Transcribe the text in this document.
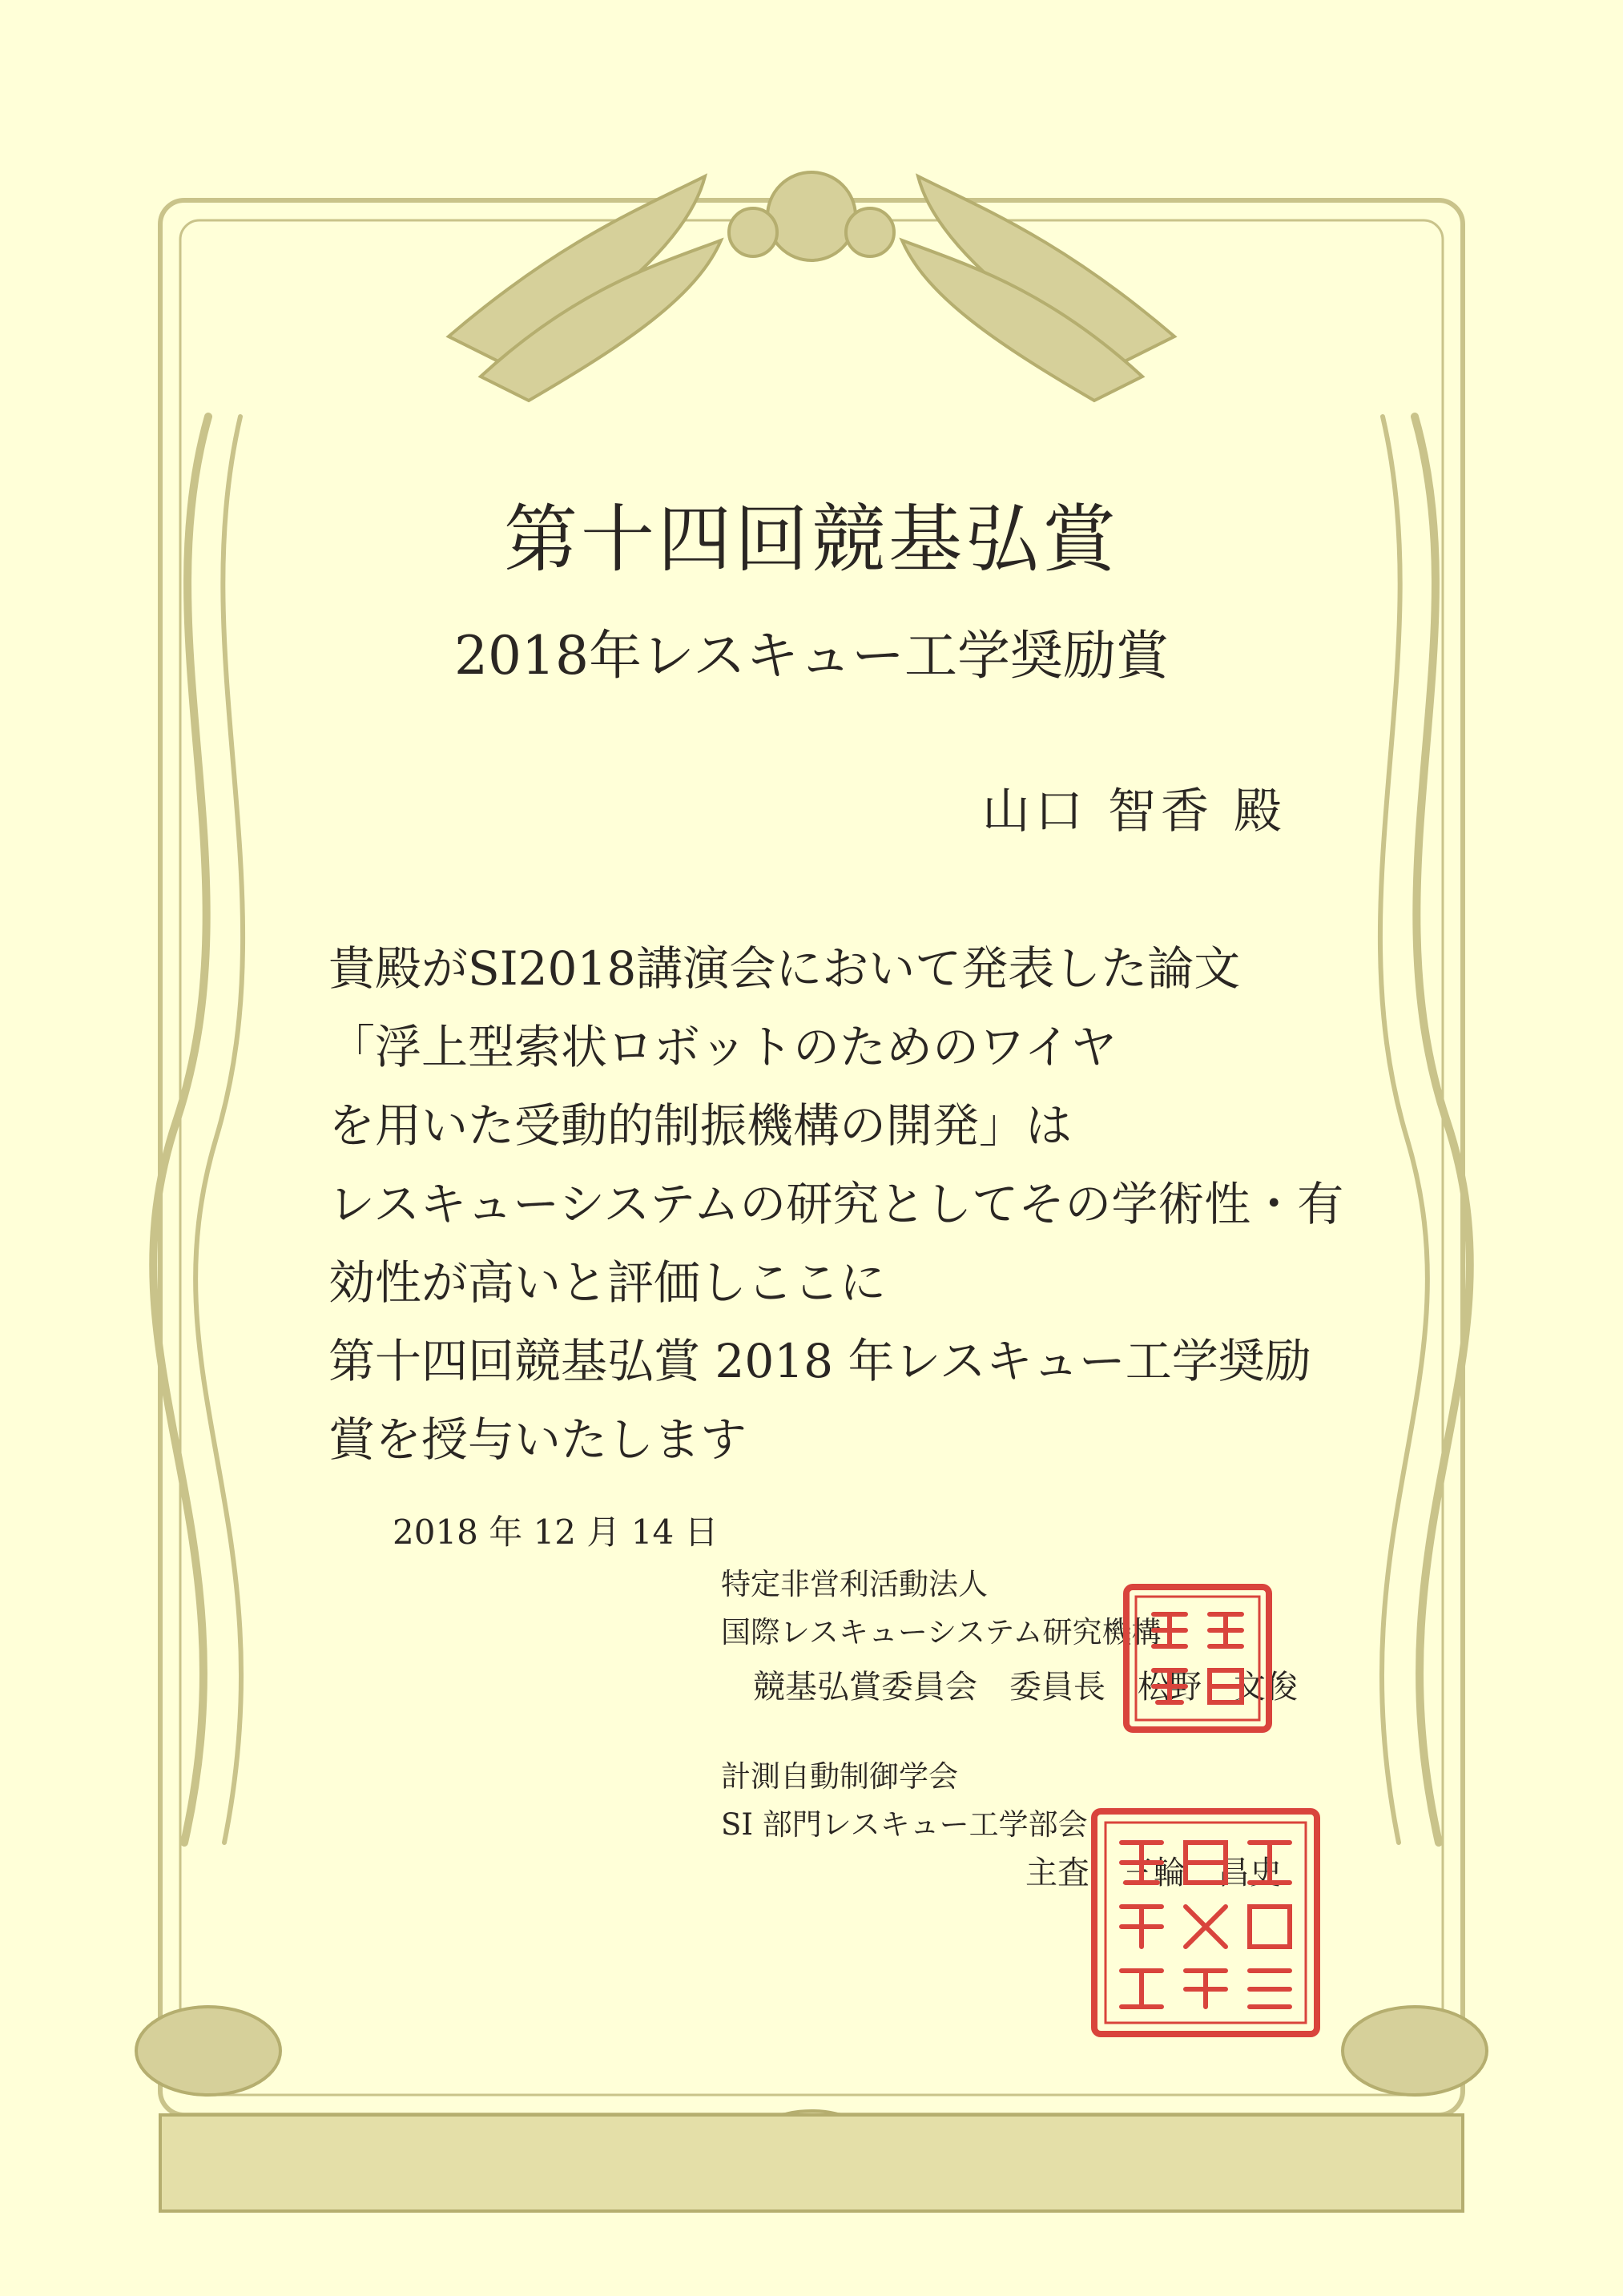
第十四回競基弘賞
2018年レスキュー工学奨励賞
山口 智香 殿
貴殿がSI2018講演会において発表した論文
「浮上型索状ロボットのためのワイヤ
を用いた受動的制振機構の開発」は
レスキューシステムの研究としてその学術性・有
効性が高いと評価しここに
第十四回競基弘賞 2018 年レスキュー工学奨励
賞を授与いたします
2018 年 12 月 14 日
特定非営利活動法人
国際レスキューシステム研究機構
競基弘賞委員会　委員長　松野　文俊
計測自動制御学会
SI 部門レスキュー工学部会
主査　三輪　昌史
